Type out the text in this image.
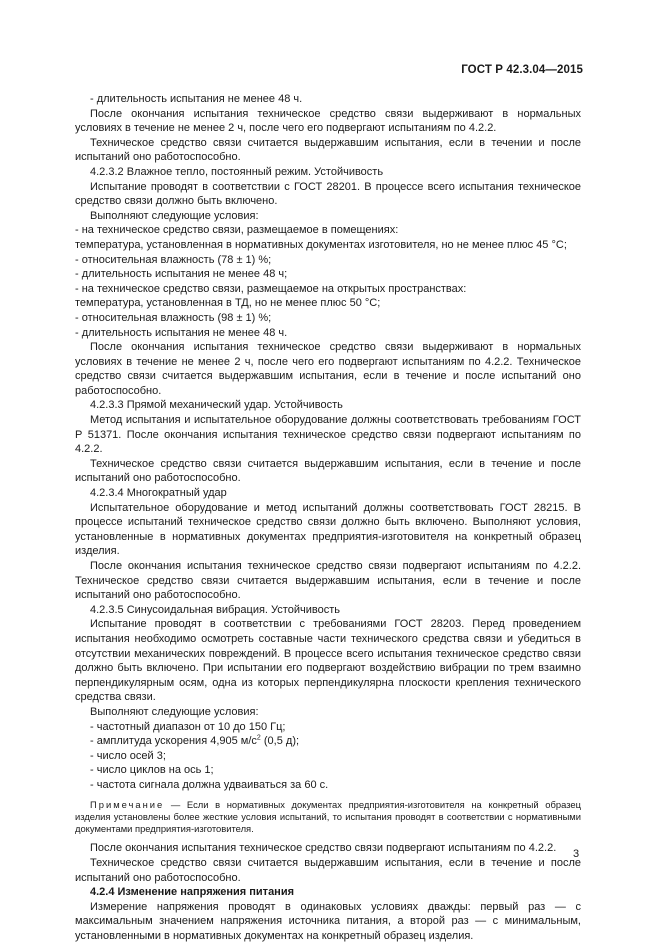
ГОСТ Р 42.3.04—2015

- длительность испытания не менее 48 ч.

После окончания испытания техническое средство связи выдерживают в нормальных условиях в течение не менее 2 ч, после чего его подвергают испытаниям по 4.2.2.

Техническое средство связи считается выдержавшим испытания, если в течении и после испытаний оно работоспособно.

4.2.3.2 Влажное тепло, постоянный режим. Устойчивость

Испытание проводят в соответствии с ГОСТ 28201. В процессе всего испытания техническое средство связи должно быть включено.

Выполняют следующие условия:

- на техническое средство связи, размещаемое в помещениях:

температура, установленная в нормативных документах изготовителя, но не менее плюс 45 °С;

- относительная влажность (78 ± 1) %;

- длительность испытания не менее 48 ч;

- на техническое средство связи, размещаемое на открытых пространствах:

температура, установленная в ТД, но не менее плюс 50 °С;

- относительная влажность (98 ± 1) %;

- длительность испытания не менее 48 ч.

После окончания испытания техническое средство связи выдерживают в нормальных условиях в течение не менее 2 ч, после чего его подвергают испытаниям по 4.2.2. Техническое средство связи считается выдержавшим испытания, если в течение и после испытаний оно работоспособно.

4.2.3.3 Прямой механический удар. Устойчивость

Метод испытания и испытательное оборудование должны соответствовать требованиям ГОСТ Р 51371. После окончания испытания техническое средство связи подвергают испытаниям по 4.2.2.

Техническое средство связи считается выдержавшим испытания, если в течение и после испытаний оно работоспособно.

4.2.3.4 Многократный удар

Испытательное оборудование и метод испытаний должны соответствовать ГОСТ 28215. В процессе испытаний техническое средство связи должно быть включено. Выполняют условия, установленные в нормативных документах предприятия-изготовителя на конкретный образец изделия.

После окончания испытания техническое средство связи подвергают испытаниям по 4.2.2. Техническое средство связи считается выдержавшим испытания, если в течение и после испытаний оно работоспособно.

4.2.3.5 Синусоидальная вибрация. Устойчивость

Испытание проводят в соответствии с требованиями ГОСТ 28203. Перед проведением испытания необходимо осмотреть составные части технического средства связи и убедиться в отсутствии механических повреждений. В процессе всего испытания техническое средство связи должно быть включено. При испытании его подвергают воздействию вибрации по трем взаимно перпендикулярным осям, одна из которых перпендикулярна плоскости крепления технического средства связи.

Выполняют следующие условия:

- частотный диапазон от 10 до 150 Гц;

- амплитуда ускорения 4,905 $м/с^2$ (0,5 д);

- число осей 3;

- число циклов на ось 1;

- частота сигнала должна удваиваться за 60 с.

Примечание — Если в нормативных документах предприятия-изготовителя на конкретный образец изделия установлены более жесткие условия испытаний, то испытания проводят в соответствии с нормативными документами предприятия-изготовителя.

После окончания испытания техническое средство связи подвергают испытаниям по 4.2.2.

Техническое средство связи считается выдержавшим испытания, если в течение и после испытаний оно работоспособно.

4.2.4 Изменение напряжения питания

Измерение напряжения проводят в одинаковых условиях дважды: первый раз — с максимальным значением напряжения источника питания, а второй раз — с минимальным, установленными в нормативных документах на конкретный образец изделия.

3
